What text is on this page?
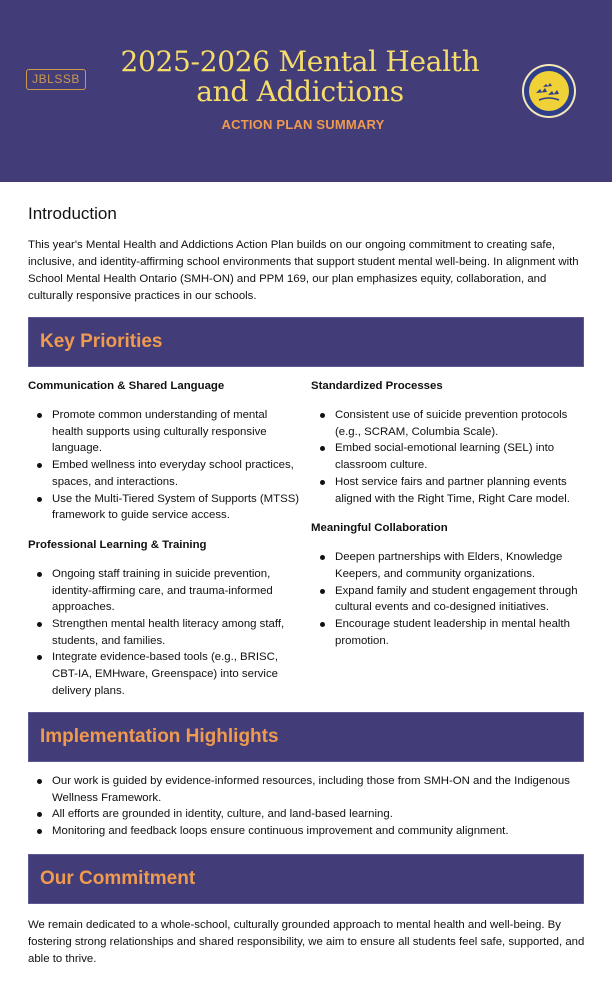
JBLSSB
2025-2026 Mental Health
and Addictions
ACTION PLAN SUMMARY
Introduction
This year's Mental Health and Addictions Action Plan builds on our ongoing commitment to creating safe, inclusive, and identity-affirming school environments that support student mental well-being. In alignment with School Mental Health Ontario (SMH-ON) and PPM 169, our plan emphasizes equity, collaboration, and culturally responsive practices in our schools.
Key Priorities
Communication & Shared Language
Promote common understanding of mental health supports using culturally responsive language.
Embed wellness into everyday school practices, spaces, and interactions.
Use the Multi-Tiered System of Supports (MTSS) framework to guide service access.
Professional Learning & Training
Ongoing staff training in suicide prevention, identity-affirming care, and trauma-informed approaches.
Strengthen mental health literacy among staff, students, and families.
Integrate evidence-based tools (e.g., BRISC, CBT-IA, EMHware, Greenspace) into service delivery plans.
Standardized Processes
Consistent use of suicide prevention protocols (e.g., SCRAM, Columbia Scale).
Embed social-emotional learning (SEL) into classroom culture.
Host service fairs and partner planning events aligned with the Right Time, Right Care model.
Meaningful Collaboration
Deepen partnerships with Elders, Knowledge Keepers, and community organizations.
Expand family and student engagement through cultural events and co-designed initiatives.
Encourage student leadership in mental health promotion.
Implementation Highlights
Our work is guided by evidence-informed resources, including those from SMH-ON and the Indigenous Wellness Framework.
All efforts are grounded in identity, culture, and land-based learning.
Monitoring and feedback loops ensure continuous improvement and community alignment.
Our Commitment
We remain dedicated to a whole-school, culturally grounded approach to mental health and well-being. By fostering strong relationships and shared responsibility, we aim to ensure all students feel safe, supported, and able to thrive.
